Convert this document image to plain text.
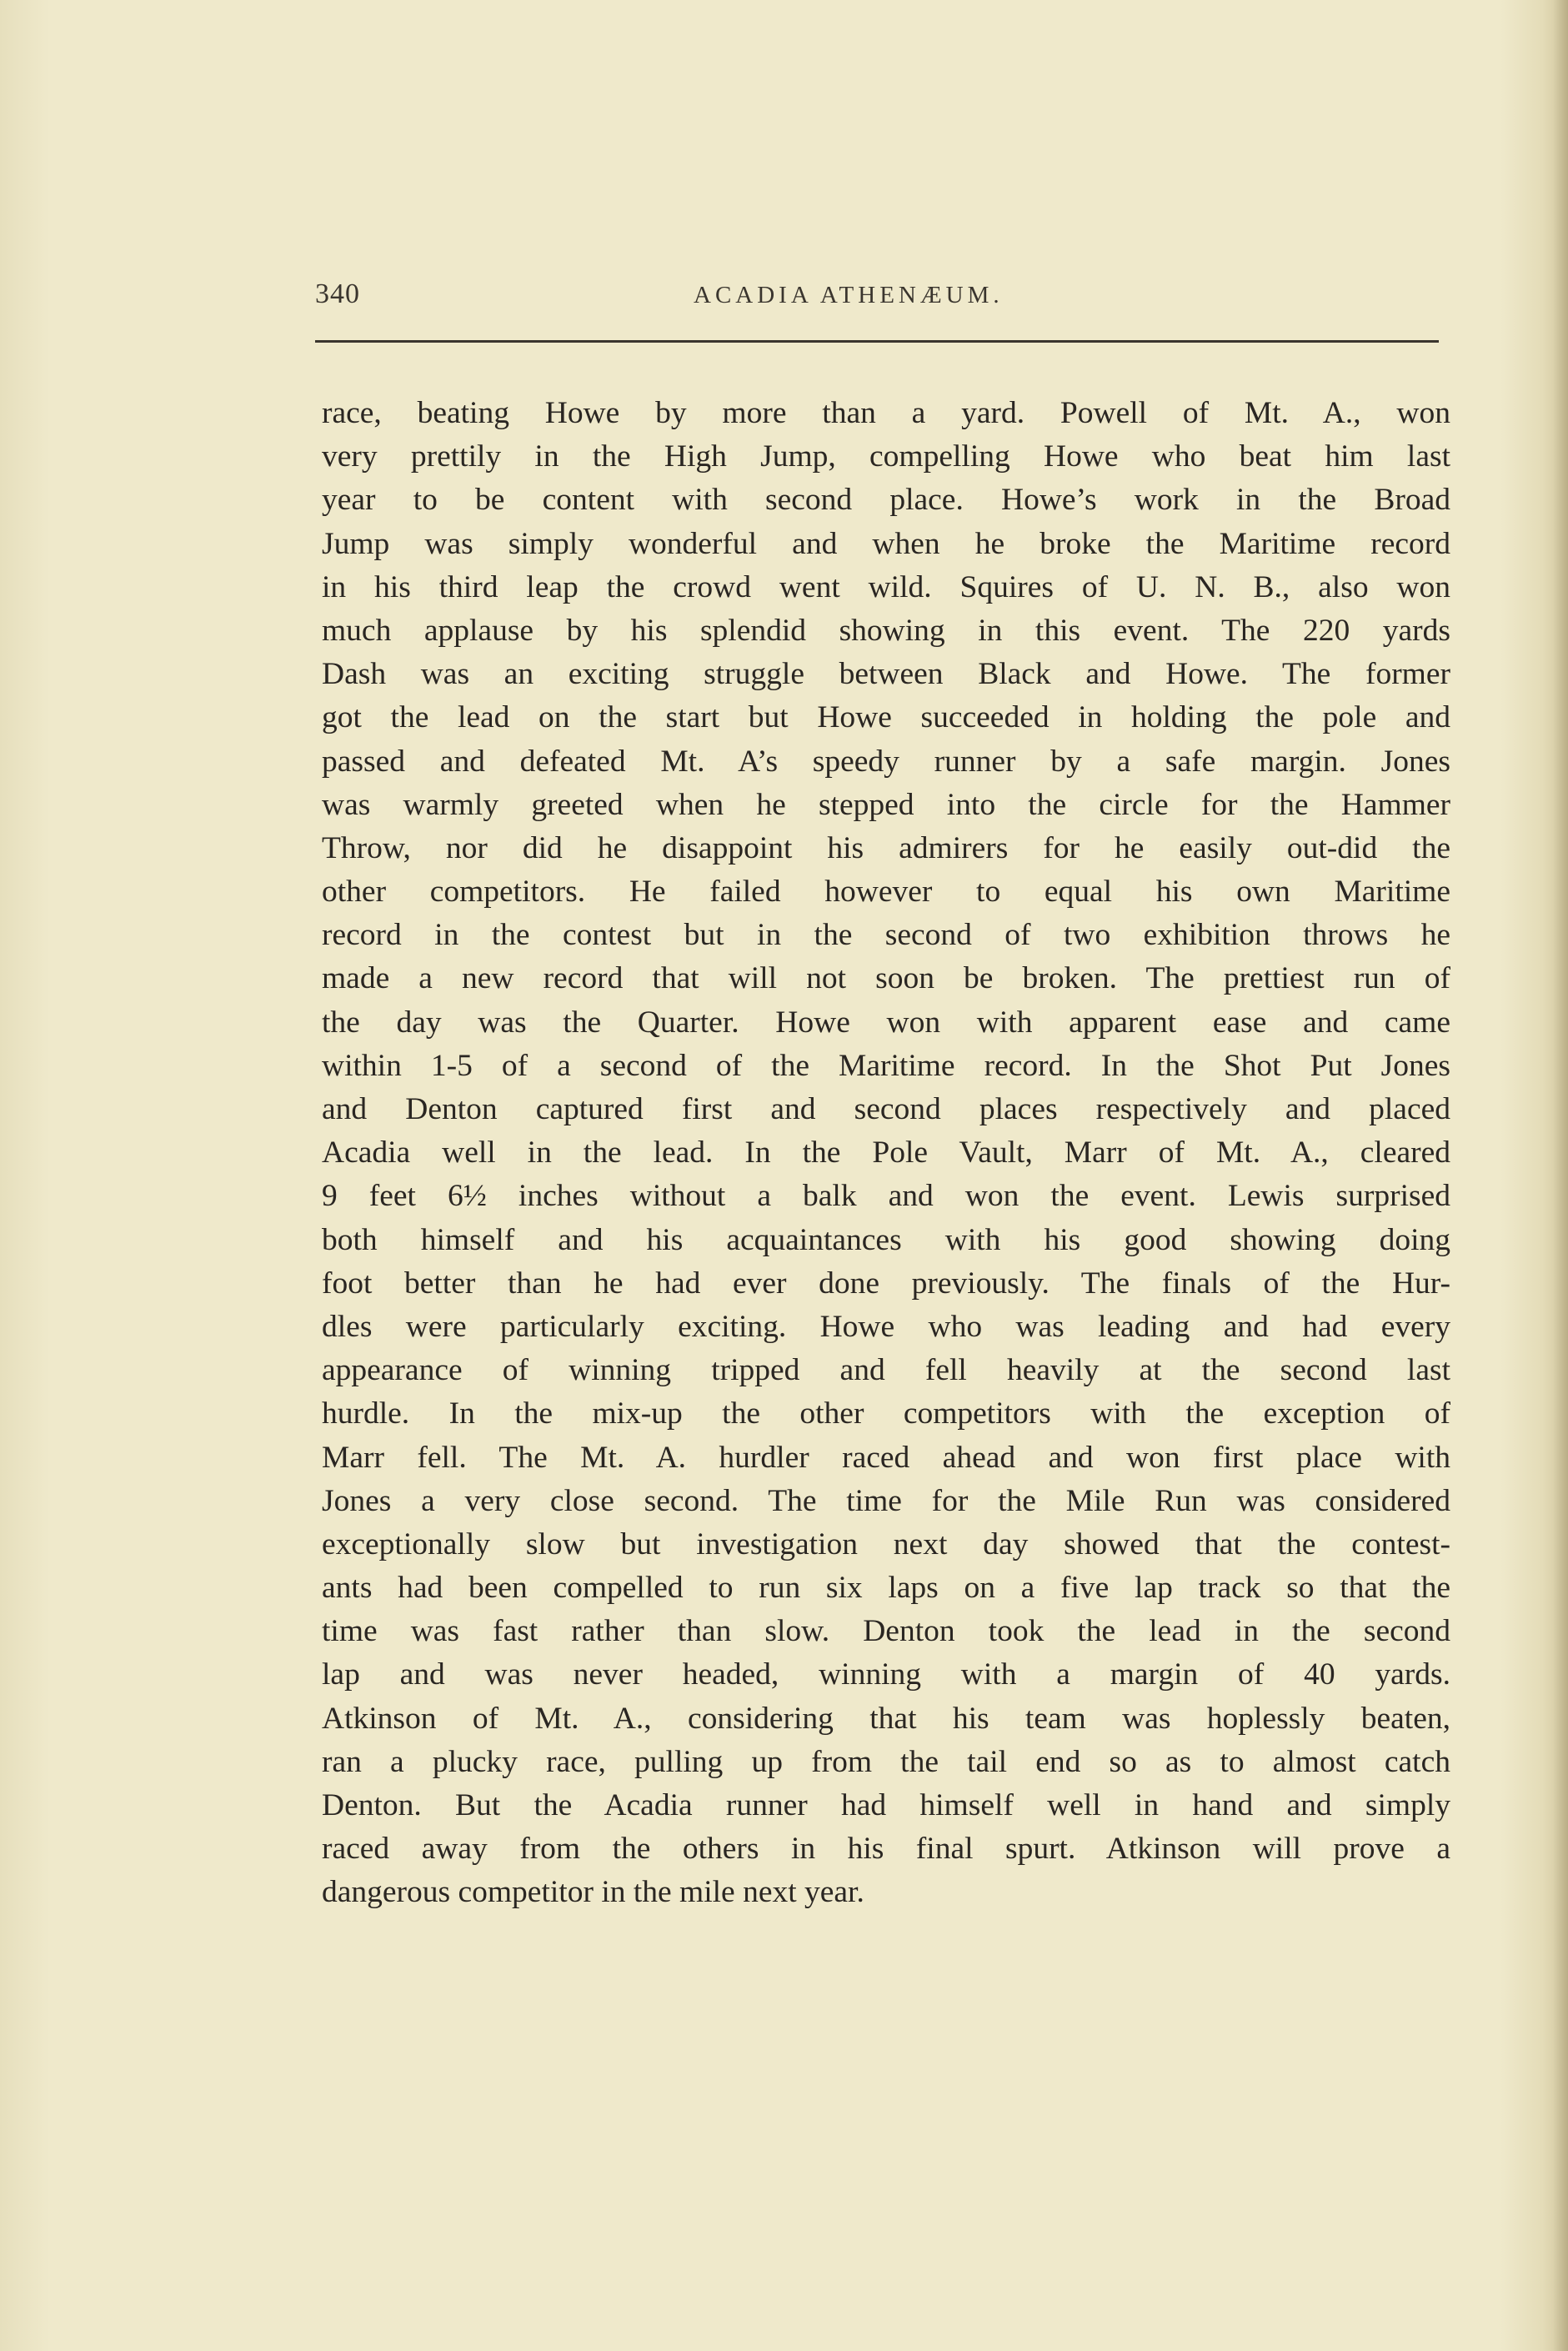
340	ACADIA ATHENÆUM.
race, beating Howe by more than a yard. Powell of Mt. A., won
very prettily in the High Jump, compelling Howe who beat him last
year to be content with second place. Howe’s work in the Broad
Jump was simply wonderful and when he broke the Maritime record
in his third leap the crowd went wild. Squires of U. N. B., also won
much applause by his splendid showing in this event. The 220 yards
Dash was an exciting struggle between Black and Howe. The former
got the lead on the start but Howe succeeded in holding the pole and
passed and defeated Mt. A’s speedy runner by a safe margin. Jones
was warmly greeted when he stepped into the circle for the Hammer
Throw, nor did he disappoint his admirers for he easily out-did the
other competitors. He failed however to equal his own Maritime
record in the contest but in the second of two exhibition throws he
made a new record that will not soon be broken. The prettiest run of
the day was the Quarter. Howe won with apparent ease and came
within 1-5 of a second of the Maritime record. In the Shot Put Jones
and Denton captured first and second places respectively and placed
Acadia well in the lead. In the Pole Vault, Marr of Mt. A., cleared
9 feet 6½ inches without a balk and won the event. Lewis surprised
both himself and his acquaintances with his good showing doing
foot better than he had ever done previously. The finals of the Hur-
dles were particularly exciting. Howe who was leading and had every
appearance of winning tripped and fell heavily at the second last
hurdle. In the mix-up the other competitors with the exception of
Marr fell. The Mt. A. hurdler raced ahead and won first place with
Jones a very close second. The time for the Mile Run was considered
exceptionally slow but investigation next day showed that the contest-
ants had been compelled to run six laps on a five lap track so that the
time was fast rather than slow. Denton took the lead in the second
lap and was never headed, winning with a margin of 40 yards.
Atkinson of Mt. A., considering that his team was hoplessly beaten,
ran a plucky race, pulling up from the tail end so as to almost catch
Denton. But the Acadia runner had himself well in hand and simply
raced away from the others in his final spurt. Atkinson will prove a
dangerous competitor in the mile next year.
